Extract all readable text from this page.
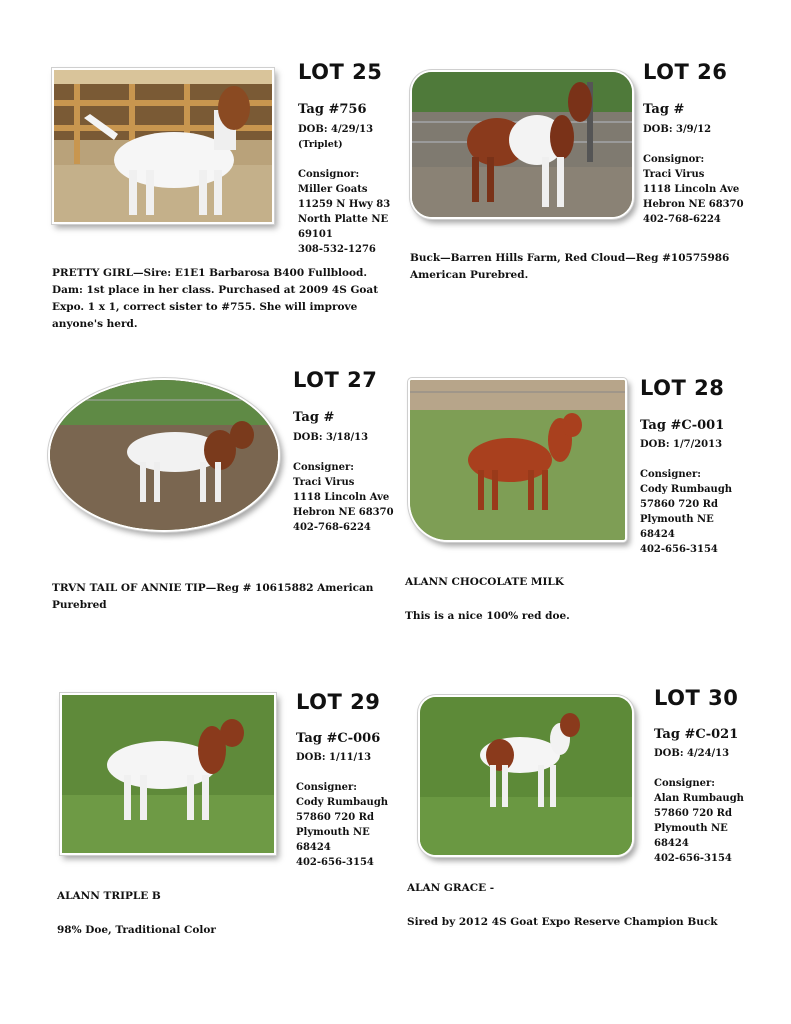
LOT 25
Tag #756
DOB: 4/29/13
(Triplet)

Consignor:
Miller Goats
11259 N Hwy 83
North Platte NE
69101
308-532-1276
PRETTY GIRL—Sire: E1E1 Barbarosa B400 Fullblood.
Dam: 1st place in her class. Purchased at 2009 4S Goat
Expo. 1 x 1, correct sister to #755. She will improve
anyone's herd.
LOT 26
Tag #
DOB: 3/9/12

Consignor:
Traci Virus
1118 Lincoln Ave
Hebron NE 68370
402-768-6224
Buck—Barren Hills Farm, Red Cloud—Reg #10575986
American Purebred.
LOT 27
Tag #
DOB: 3/18/13

Consigner:
Traci Virus
1118 Lincoln Ave
Hebron NE 68370
402-768-6224
TRVN TAIL OF ANNIE TIP—Reg # 10615882 American
Purebred
LOT 28
Tag #C-001
DOB: 1/7/2013

Consigner:
Cody Rumbaugh
57860 720 Rd
Plymouth NE
68424
402-656-3154
ALANN CHOCOLATE MILK

This is a nice 100% red doe.
LOT 29
Tag #C-006
DOB: 1/11/13

Consigner:
Cody Rumbaugh
57860 720 Rd
Plymouth NE
68424
402-656-3154
ALANN TRIPLE B

98% Doe, Traditional Color
LOT 30
Tag #C-021
DOB: 4/24/13

Consigner:
Alan Rumbaugh
57860 720 Rd
Plymouth NE
68424
402-656-3154
ALAN GRACE -

Sired by 2012 4S Goat Expo Reserve Champion Buck
